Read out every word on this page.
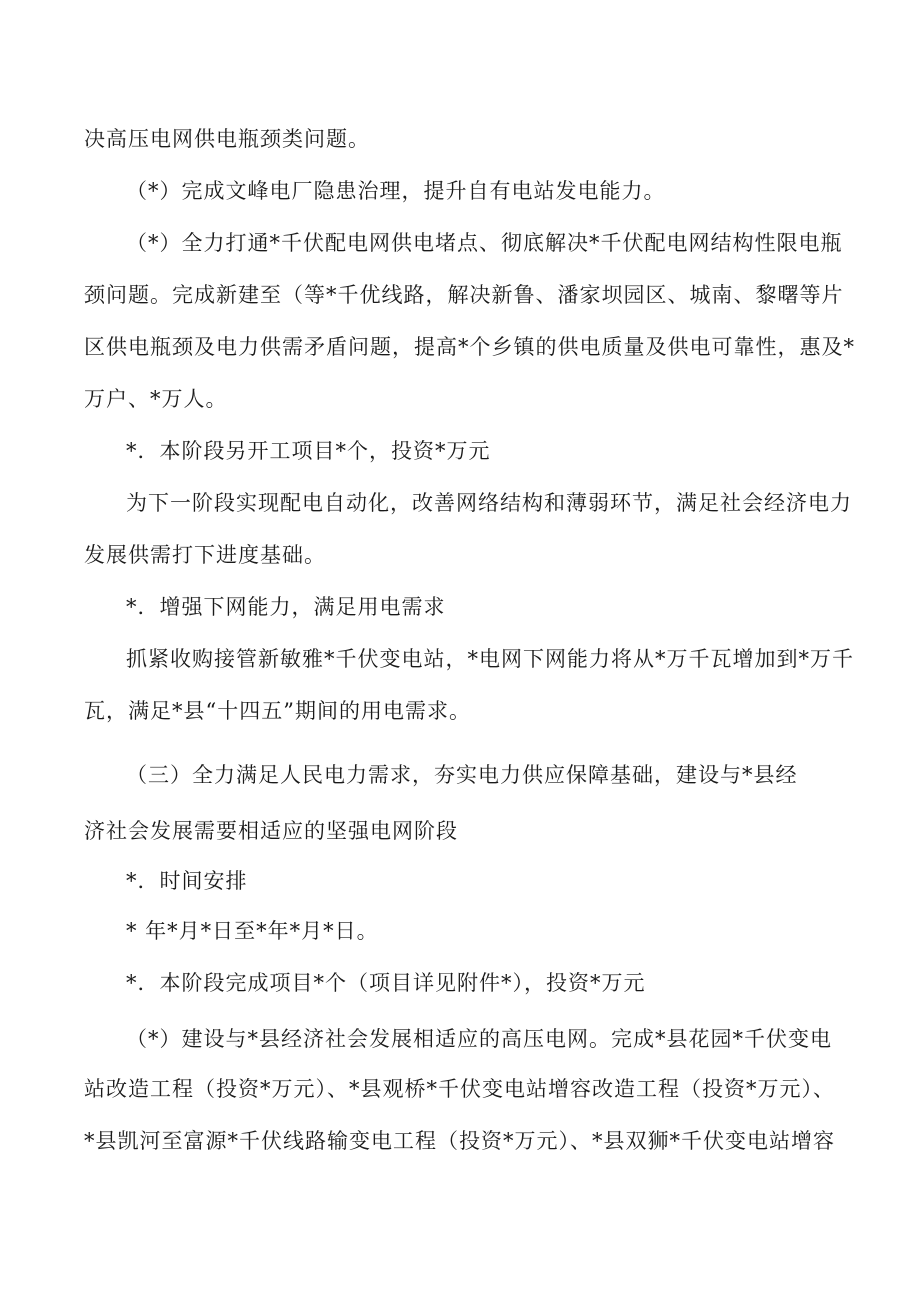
决高压电网供电瓶颈类问题。
（*）完成文峰电厂隐患治理，提升自有电站发电能力。
（*）全力打通*千伏配电网供电堵点、彻底解决*千伏配电网结构性限电瓶
颈问题。完成新建至（等*千优线路，解决新鲁、潘家坝园区、城南、黎曙等片
区供电瓶颈及电力供需矛盾问题，提高*个乡镇的供电质量及供电可靠性，惠及*
万户、*万人。
*．本阶段另开工项目*个，投资*万元
为下一阶段实现配电自动化，改善网络结构和薄弱环节，满足社会经济电力
发展供需打下进度基础。
*．增强下网能力，满足用电需求
抓紧收购接管新敏雅*千伏变电站，*电网下网能力将从*万千瓦增加到*万千
瓦，满足*县“十四五”期间的用电需求。
（三）全力满足人民电力需求，夯实电力供应保障基础，建设与*县经
济社会发展需要相适应的坚强电网阶段
*．时间安排
* 年*月*日至*年*月*日。
*．本阶段完成项目*个（项目详见附件*），投资*万元
（*）建设与*县经济社会发展相适应的高压电网。完成*县花园*千伏变电
站改造工程（投资*万元）、*县观桥*千伏变电站增容改造工程（投资*万元）、
*县凯河至富源*千伏线路输变电工程（投资*万元）、*县双狮*千伏变电站增容
